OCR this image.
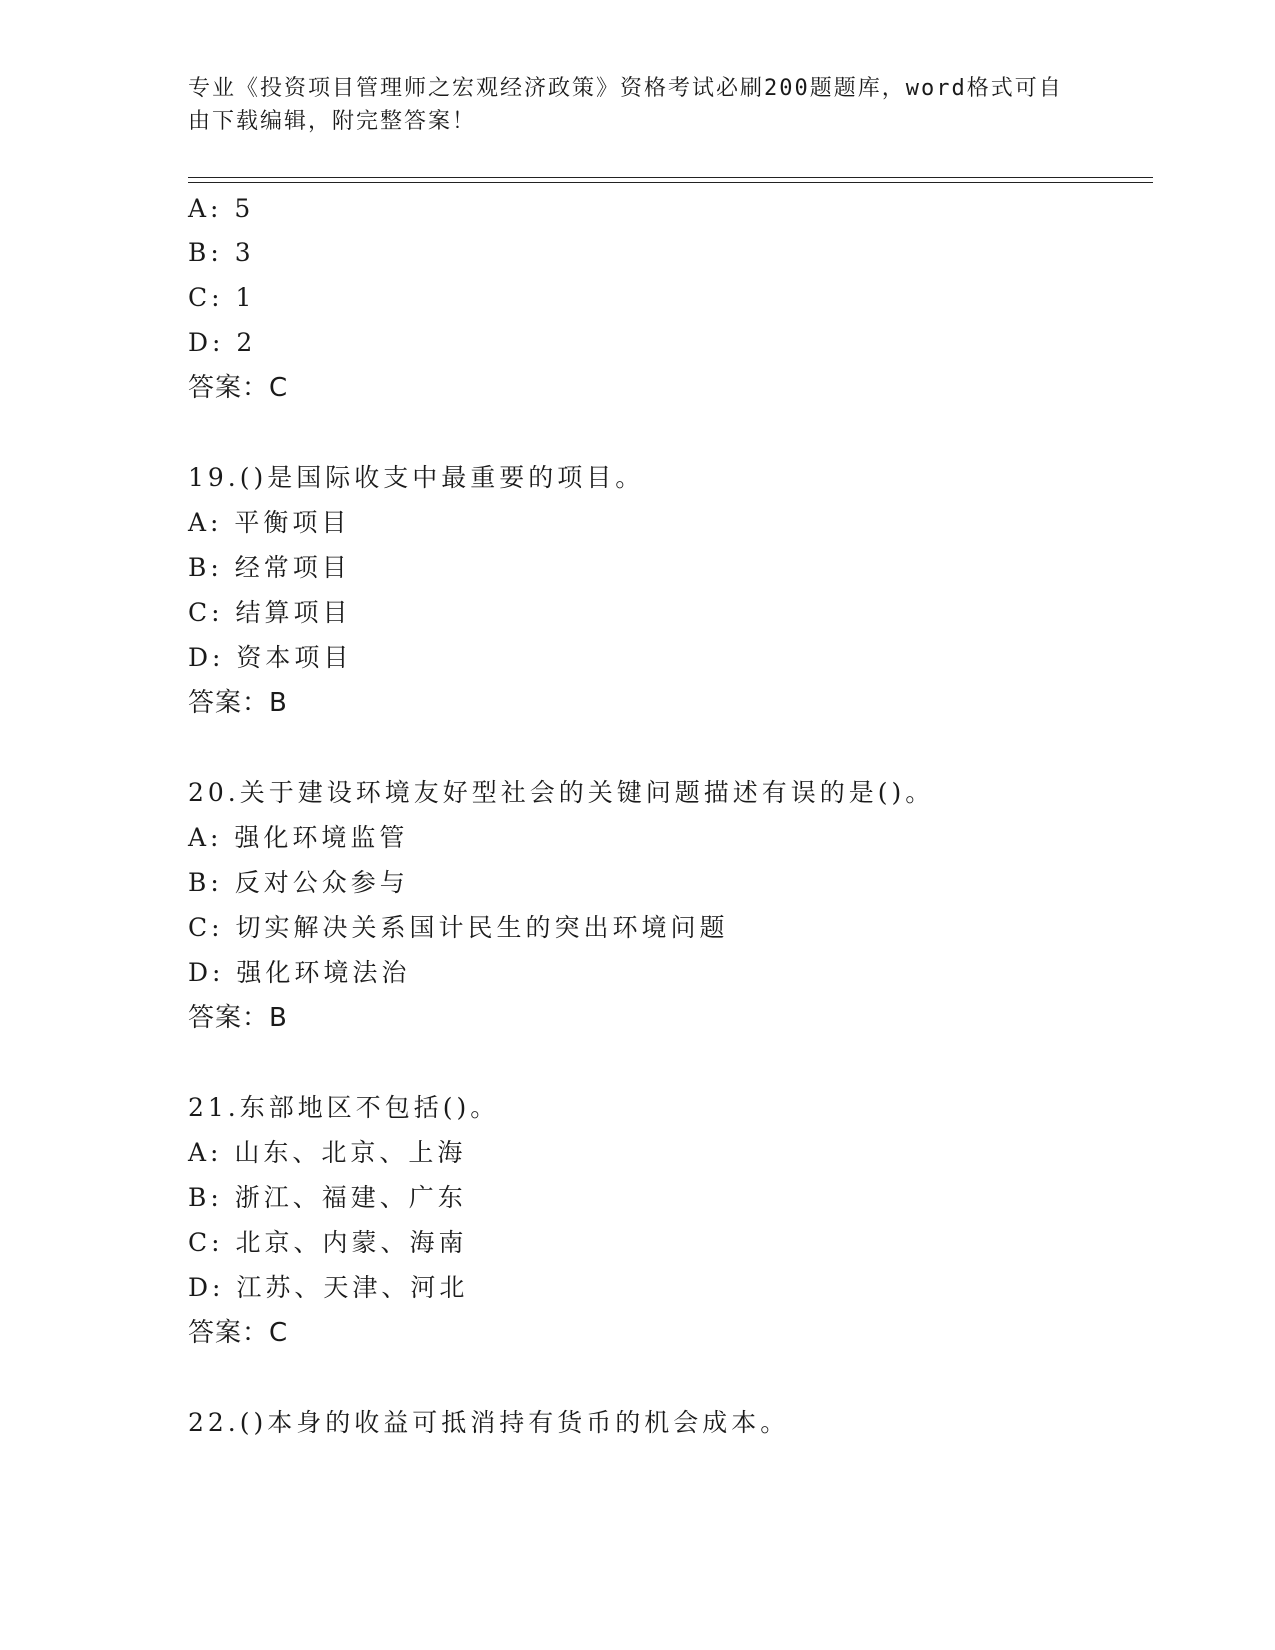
专业《投资项目管理师之宏观经济政策》资格考试必刷200题题库，word格式可自由下载编辑，附完整答案！
A: 5
B: 3
C: 1
D: 2
答案：C
19.()是国际收支中最重要的项目。
A: 平衡项目
B: 经常项目
C: 结算项目
D: 资本项目
答案：B
20.关于建设环境友好型社会的关键问题描述有误的是()。
A: 强化环境监管
B: 反对公众参与
C: 切实解决关系国计民生的突出环境问题
D: 强化环境法治
答案：B
21.东部地区不包括()。
A: 山东、北京、上海
B: 浙江、福建、广东
C: 北京、内蒙、海南
D: 江苏、天津、河北
答案：C
22.()本身的收益可抵消持有货币的机会成本。
